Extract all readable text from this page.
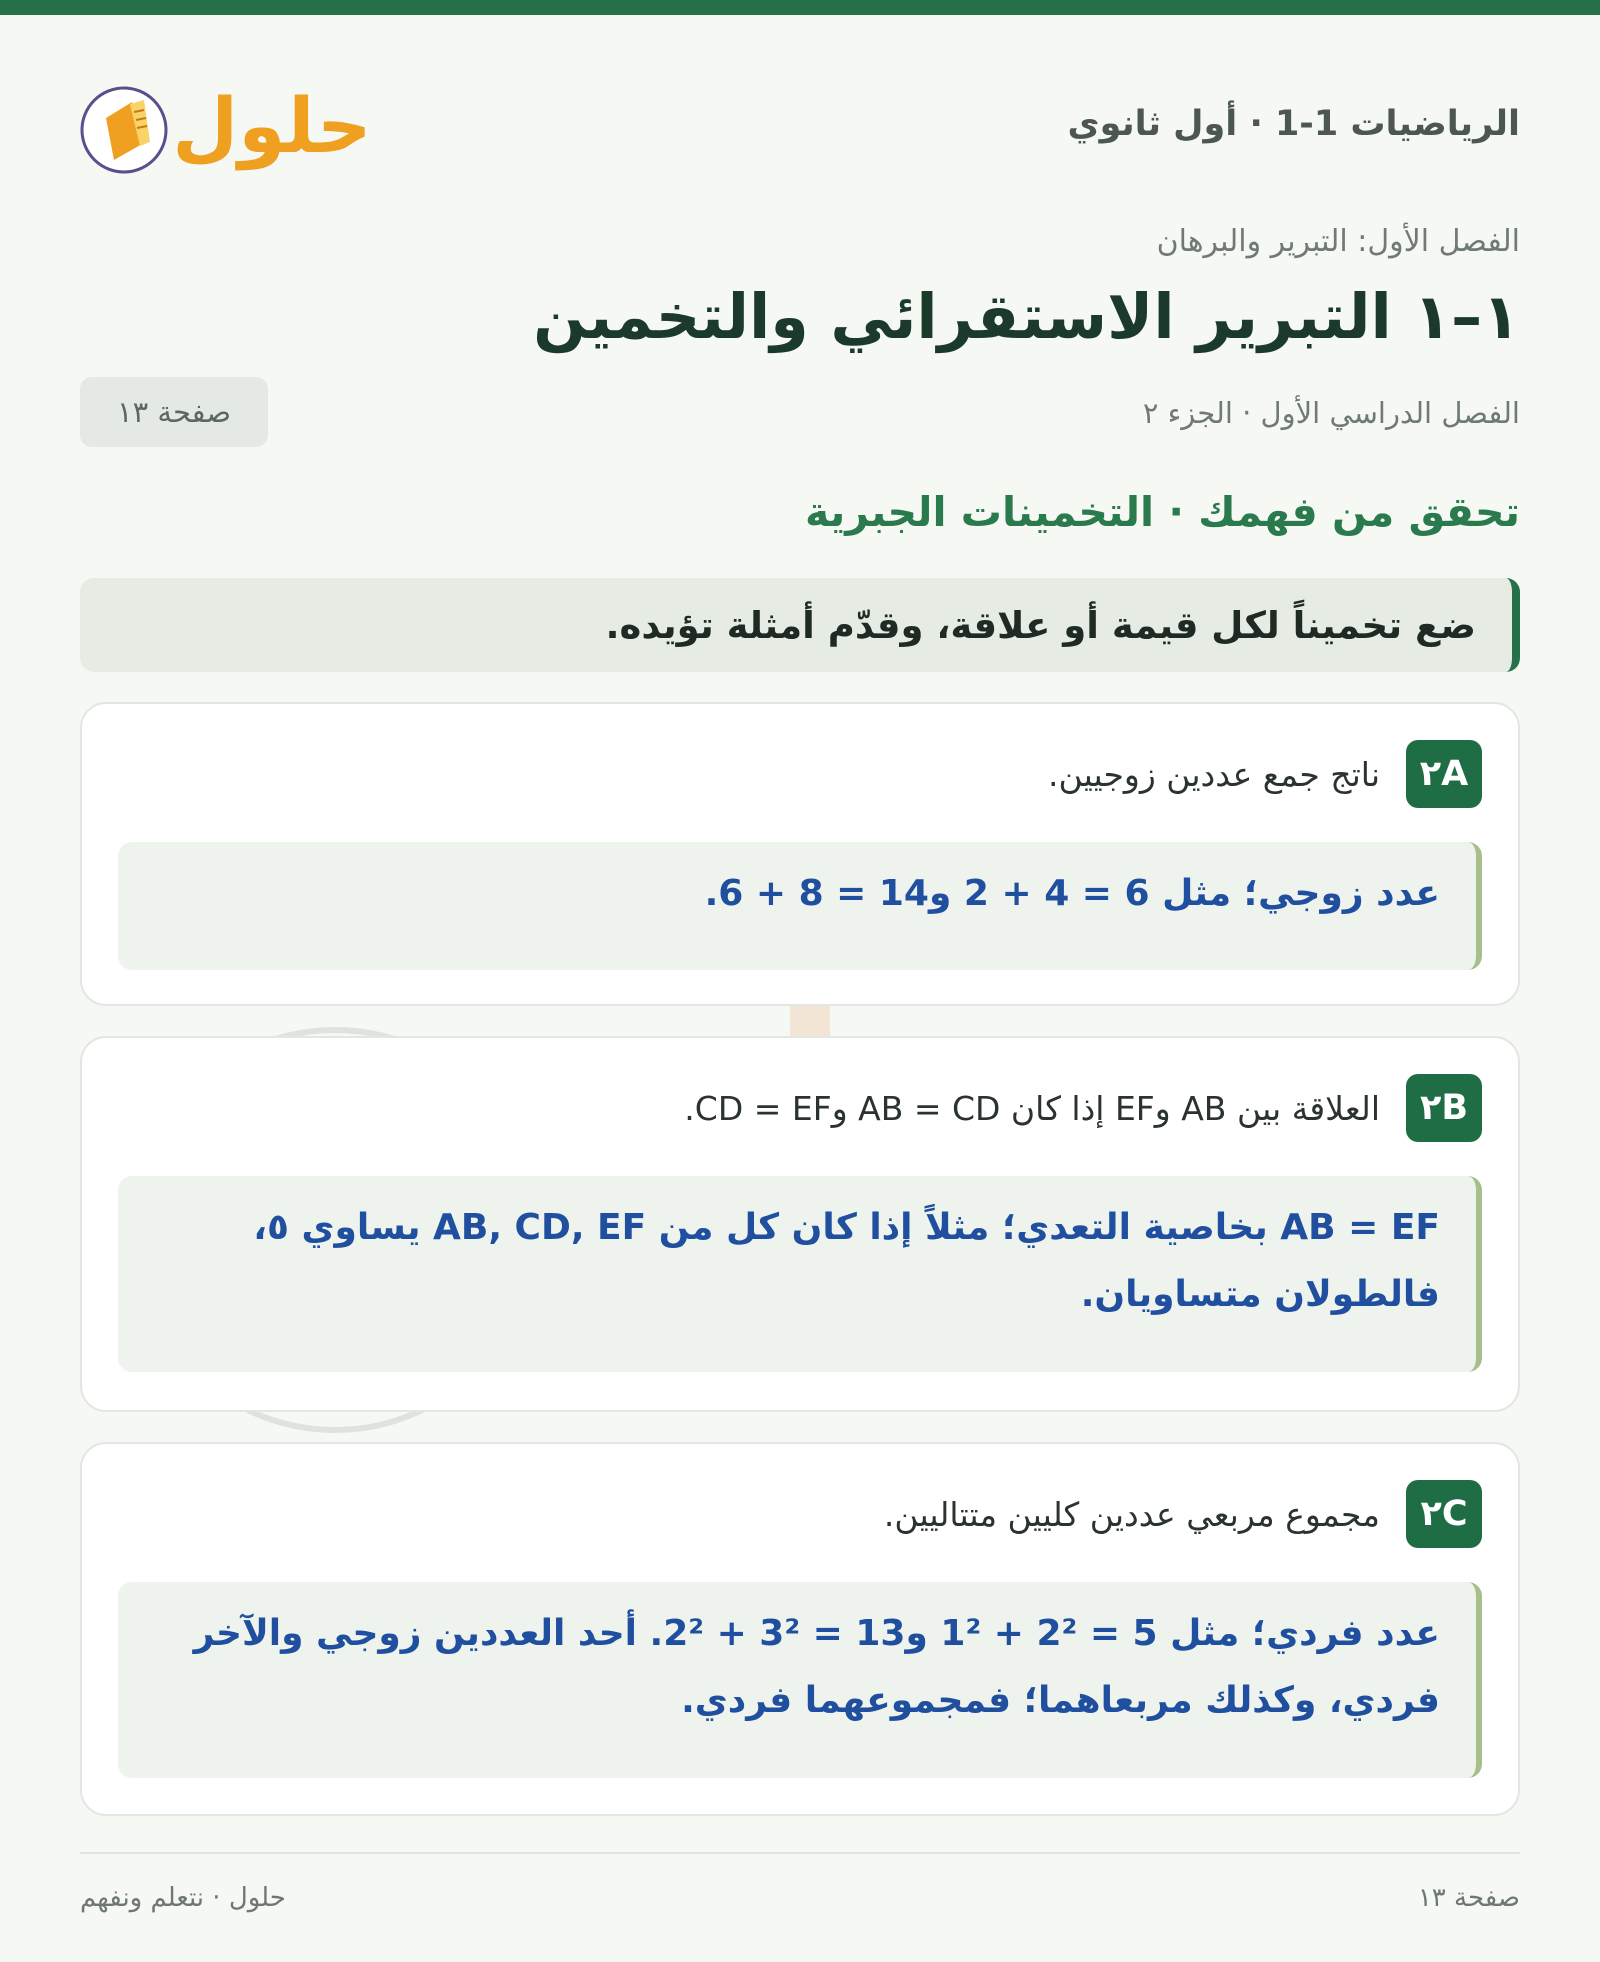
الرياضيات 1-1 · أول ثانوي
حلول
الفصل الأول: التبرير والبرهان
١–١ التبرير الاستقرائي والتخمين
الفصل الدراسي الأول · الجزء ٢
صفحة ١٣
تحقق من فهمك · التخمينات الجبرية
ضع تخميناً لكل قيمة أو علاقة، وقدّم أمثلة تؤيده.
٢A
ناتج جمع عددين زوجيين.
عدد زوجي؛ مثل 6 = 4 + 2 و14 = 8 + 6.
٢B
العلاقة بين AB وEF إذا كان AB = CD وCD = EF.
AB = EF بخاصية التعدي؛ مثلاً إذا كان كل من AB, CD, EF يساوي ٥،
فالطولان متساويان.
٢C
مجموع مربعي عددين كليين متتاليين.
عدد فردي؛ مثل 5 = 2² + 1² و13 = 3² + 2². أحد العددين زوجي والآخر
فردي، وكذلك مربعاهما؛ فمجموعهما فردي.
صفحة ١٣
حلول · نتعلم ونفهم
